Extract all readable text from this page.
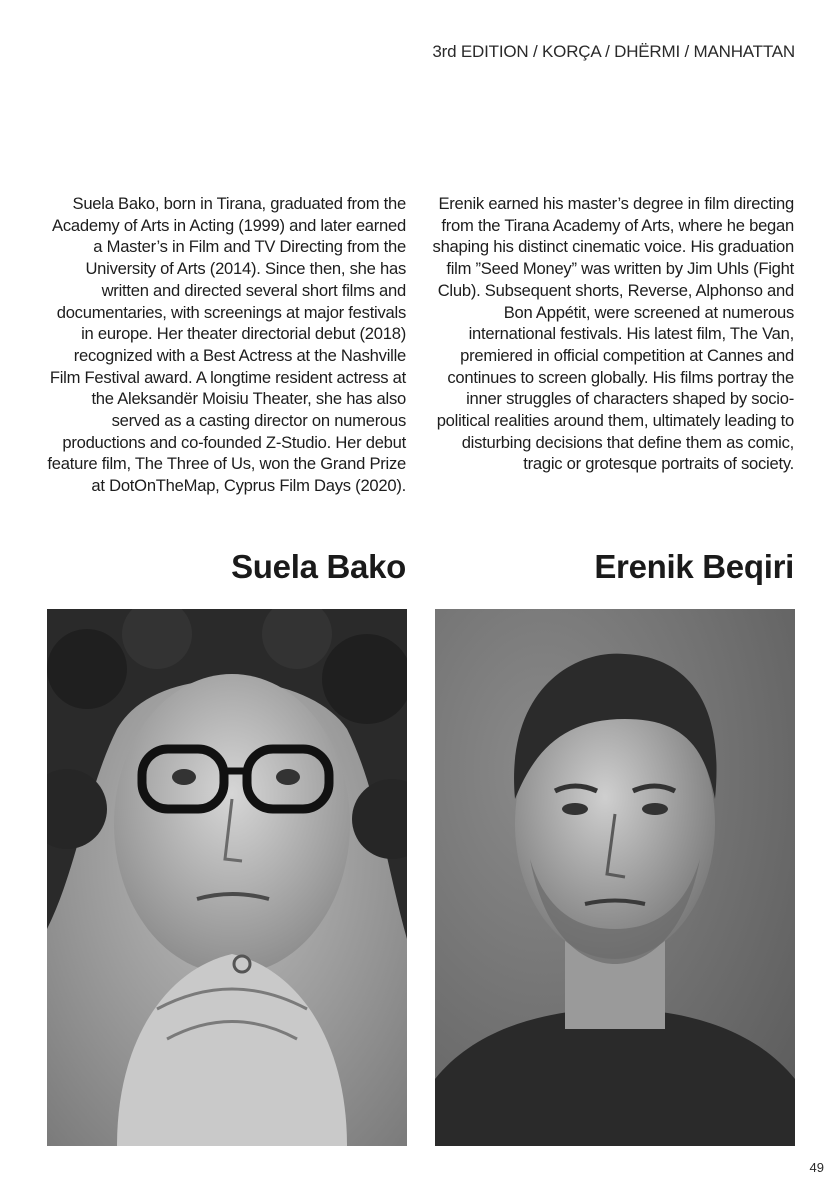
3rd EDITION / KORÇA / DHËRMI / MANHATTAN

Suela Bako, born in Tirana, graduated from the Academy of Arts in Acting (1999) and later earned a Master’s in Film and TV Directing from the University of Arts (2014). Since then, she has written and directed several short films and documentaries, with screenings at major festivals in europe. Her theater directorial debut (2018) recognized with a Best Actress at the Nashville Film Festival award. A longtime resident actress at the Aleksandër Moisiu Theater, she has also served as a casting director on numerous productions and co-founded Z-Studio. Her debut feature film, The Three of Us, won the Grand Prize at DotOnTheMap, Cyprus Film Days (2020).

Suela Bako

Erenik earned his master’s degree in film directing from the Tirana Academy of Arts, where he began shaping his distinct cinematic voice. His graduation film ”Seed Money” was written by Jim Uhls (Fight Club). Subsequent shorts, Reverse, Alphonso and Bon Appétit, were screened at numerous international festivals. His latest film, The Van, premiered in official competition at Cannes and continues to screen globally. His films portray the inner struggles of characters shaped by socio-political realities around them, ultimately leading to disturbing decisions that define them as comic, tragic or grotesque portraits of society.

Erenik Beqiri
49
